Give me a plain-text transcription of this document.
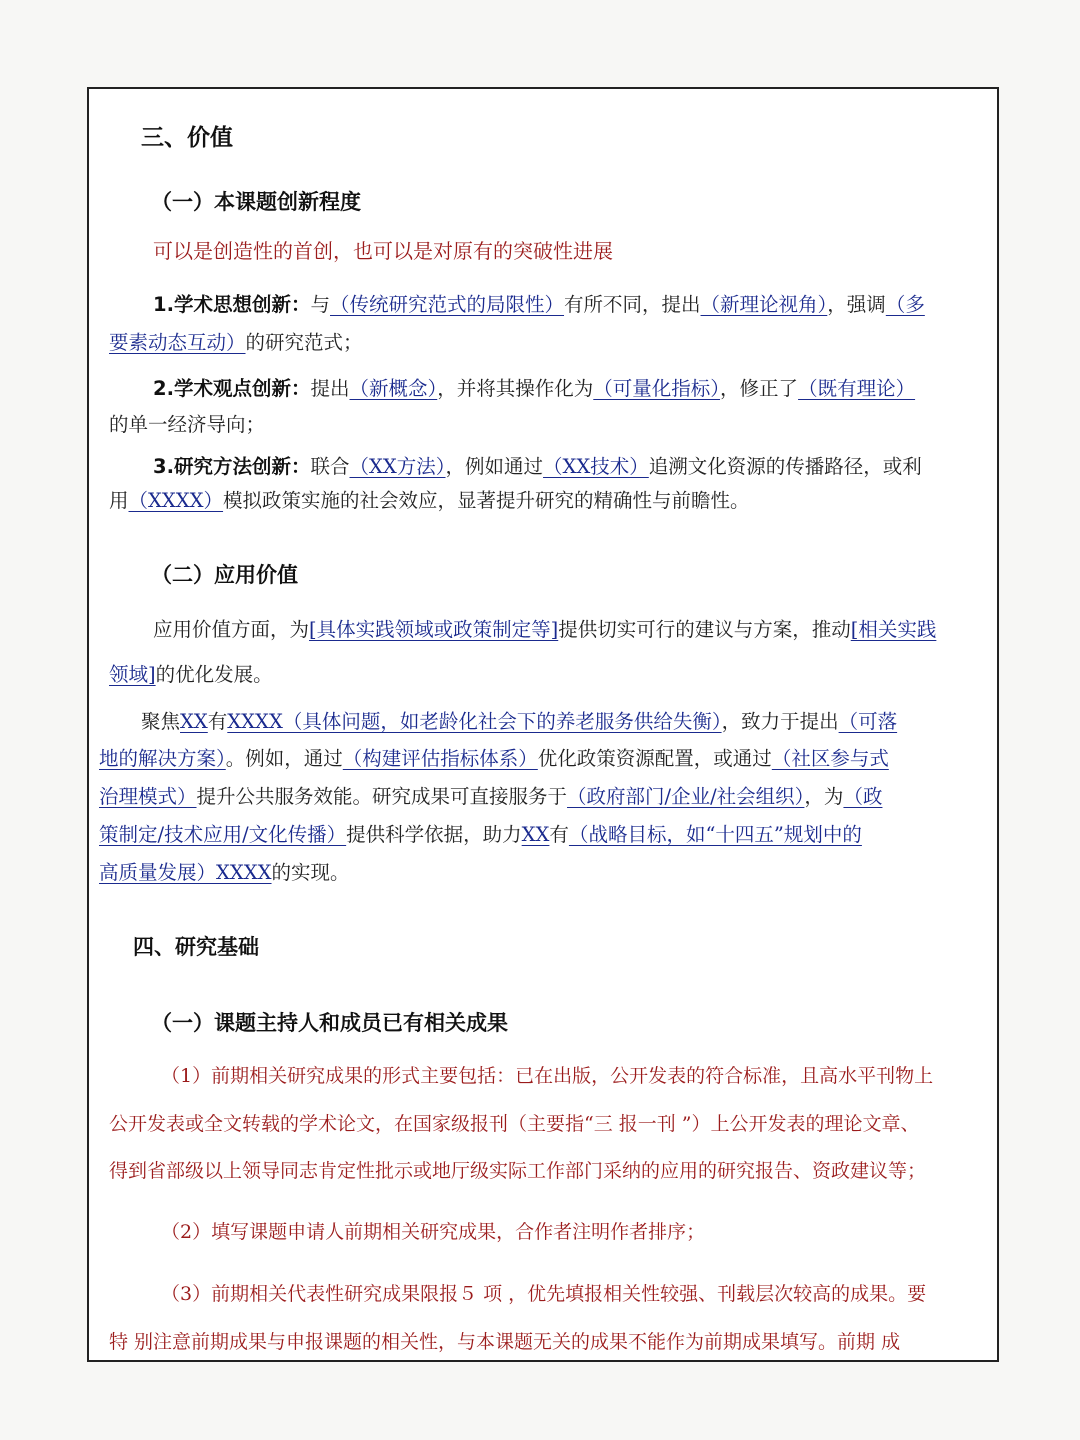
三、价值
（一）本课题创新程度
可以是创造性的首创，也可以是对原有的突破性进展
1.学术思想创新：与（传统研究范式的局限性）有所不同，提出（新理论视角），强调（多
要素动态互动）的研究范式；
2.学术观点创新：提出（新概念），并将其操作化为（可量化指标），修正了（既有理论）
的单一经济导向；
3.研究方法创新：联合（XX方法），例如通过（XX技术）追溯文化资源的传播路径，或利
用（XXXX）模拟政策实施的社会效应，显著提升研究的精确性与前瞻性。
（二）应用价值
应用价值方面，为[具体实践领域或政策制定等]提供切实可行的建议与方案，推动[相关实践
领域]的优化发展。
聚焦XX有XXXX（具体问题，如老龄化社会下的养老服务供给失衡），致力于提出（可落
地的解决方案）。例如，通过（构建评估指标体系）优化政策资源配置，或通过（社区参与式
治理模式）提升公共服务效能。研究成果可直接服务于（政府部门/企业/社会组织），为（政
策制定/技术应用/文化传播）提供科学依据，助力XX有（战略目标，如“十四五”规划中的
高质量发展）XXXX的实现。
四、研究基础
（一）课题主持人和成员已有相关成果
（1）前期相关研究成果的形式主要包括：已在出版，公开发表的符合标准，且高水平刊物上
公开发表或全文转载的学术论文，在国家级报刊（主要指“三 报一刊 ”）上公开发表的理论文章、
得到省部级以上领导同志肯定性批示或地厅级实际工作部门采纳的应用的研究报告、资政建议等；
（2）填写课题申请人前期相关研究成果，合作者注明作者排序；
（3）前期相关代表性研究成果限报５ 项 ，优先填报相关性较强、刊载层次较高的成果。要
特 别注意前期成果与申报课题的相关性，与本课题无关的成果不能作为前期成果填写。前期 成
